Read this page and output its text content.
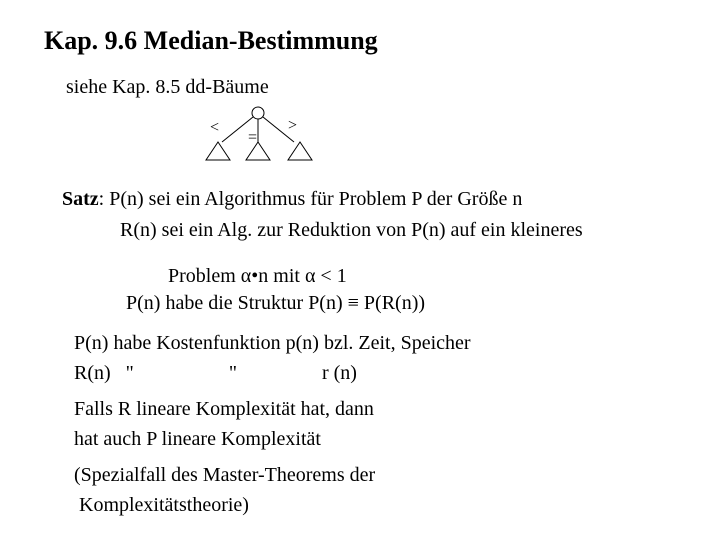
Kap. 9.6 Median-Bestimmung
siehe Kap. 8.5 dd-Bäume
<
=
>
Satz: P(n) sei ein Algorithmus für Problem P der Größe n
R(n) sei ein Alg. zur Reduktion von P(n) auf ein kleineres
Problem α•n mit α < 1
P(n) habe die Struktur P(n) ≡ P(R(n))
P(n) habe Kostenfunktion p(n) bzl. Zeit, Speicher
R(n)   "                   "                 r (n)
Falls R lineare Komplexität hat, dann
hat auch P lineare Komplexität
(Spezialfall des Master-Theorems der
Komplexitätstheorie)
